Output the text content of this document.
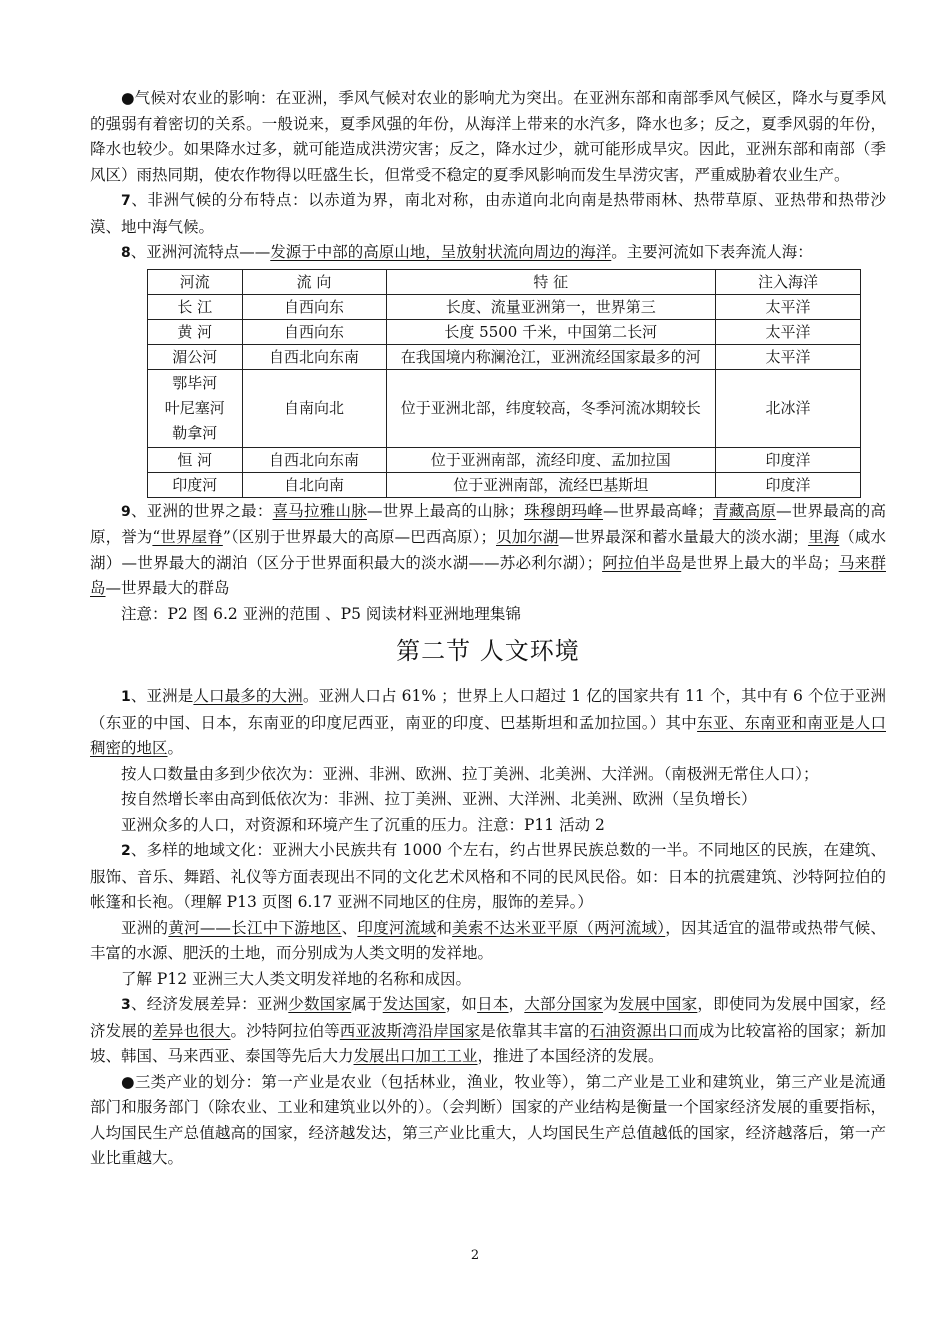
●气候对农业的影响：在亚洲，季风气候对农业的影响尤为突出。在亚洲东部和南部季风气候区，降水与夏季风的强弱有着密切的关系。一般说来，夏季风强的年份，从海洋上带来的水汽多，降水也多；反之，夏季风弱的年份，降水也较少。如果降水过多，就可能造成洪涝灾害；反之，降水过少，就可能形成旱灾。因此，亚洲东部和南部（季风区）雨热同期，使农作物得以旺盛生长，但常受不稳定的夏季风影响而发生旱涝灾害，严重威胁着农业生产。

7、非洲气候的分布特点：以赤道为界，南北对称，由赤道向北向南是热带雨林、热带草原、亚热带和热带沙漠、地中海气候。

8、亚洲河流特点——发源于中部的高原山地，呈放射状流向周边的海洋。主要河流如下表奔流人海：

河流	流 向	特 征	注入海洋
长 江	自西向东	长度、流量亚洲第一，世界第三	太平洋
黄 河	自西向东	长度 5500 千米，中国第二长河	太平洋
湄公河	自西北向东南	在我国境内称澜沧江，亚洲流经国家最多的河	太平洋

鄂毕河
叶尼塞河
勒拿河	自南向北	位于亚洲北部，纬度较高，冬季河流冰期较长	北冰洋
恒 河	自西北向东南	位于亚洲南部，流经印度、孟加拉国	印度洋
印度河	自北向南	位于亚洲南部，流经巴基斯坦	印度洋

9、亚洲的世界之最：喜马拉雅山脉—世界上最高的山脉；珠穆朗玛峰—世界最高峰；青藏高原—世界最高的高原，誉为“世界屋脊”（区别于世界最大的高原—巴西高原）；贝加尔湖—世界最深和蓄水量最大的淡水湖；里海（咸水湖）—世界最大的湖泊（区分于世界面积最大的淡水湖——苏必利尔湖）；阿拉伯半岛是世界上最大的半岛；马来群岛—世界最大的群岛

注意：P2 图 6.2 亚洲的范围 、P5 阅读材料亚洲地理集锦

第二节 人文环境

1、亚洲是人口最多的大洲。亚洲人口占 61% ；世界上人口超过 1 亿的国家共有 11 个，其中有 6 个位于亚洲（东亚的中国、日本，东南亚的印度尼西亚，南亚的印度、巴基斯坦和孟加拉国。）其中东亚、东南亚和南亚是人口稠密的地区。

按人口数量由多到少依次为：亚洲、非洲、欧洲、拉丁美洲、北美洲、大洋洲。（南极洲无常住人口）；

按自然增长率由高到低依次为：非洲、拉丁美洲、亚洲、大洋洲、北美洲、欧洲（呈负增长）

亚洲众多的人口，对资源和环境产生了沉重的压力。注意：P11 活动 2

2、多样的地域文化：亚洲大小民族共有 1000 个左右，约占世界民族总数的一半。不同地区的民族，在建筑、服饰、音乐、舞蹈、礼仪等方面表现出不同的文化艺术风格和不同的民风民俗。如：日本的抗震建筑、沙特阿拉伯的帐篷和长袍。（理解 P13 页图 6.17 亚洲不同地区的住房，服饰的差异。）

亚洲的黄河——长江中下游地区、印度河流域和美索不达米亚平原（两河流域），因其适宜的温带或热带气候、丰富的水源、肥沃的土地，而分别成为人类文明的发祥地。

了解 P12 亚洲三大人类文明发祥地的名称和成因。

3、经济发展差异：亚洲少数国家属于发达国家，如日本，大部分国家为发展中国家，即使同为发展中国家，经济发展的差异也很大。沙特阿拉伯等西亚波斯湾沿岸国家是依靠其丰富的石油资源出口而成为比较富裕的国家；新加坡、韩国、马来西亚、泰国等先后大力发展出口加工工业，推进了本国经济的发展。

●三类产业的划分：第一产业是农业（包括林业，渔业，牧业等），第二产业是工业和建筑业，第三产业是流通部门和服务部门（除农业、工业和建筑业以外的）。（会判断）国家的产业结构是衡量一个国家经济发展的重要指标，人均国民生产总值越高的国家，经济越发达，第三产业比重大，人均国民生产总值越低的国家，经济越落后，第一产业比重越大。

2
